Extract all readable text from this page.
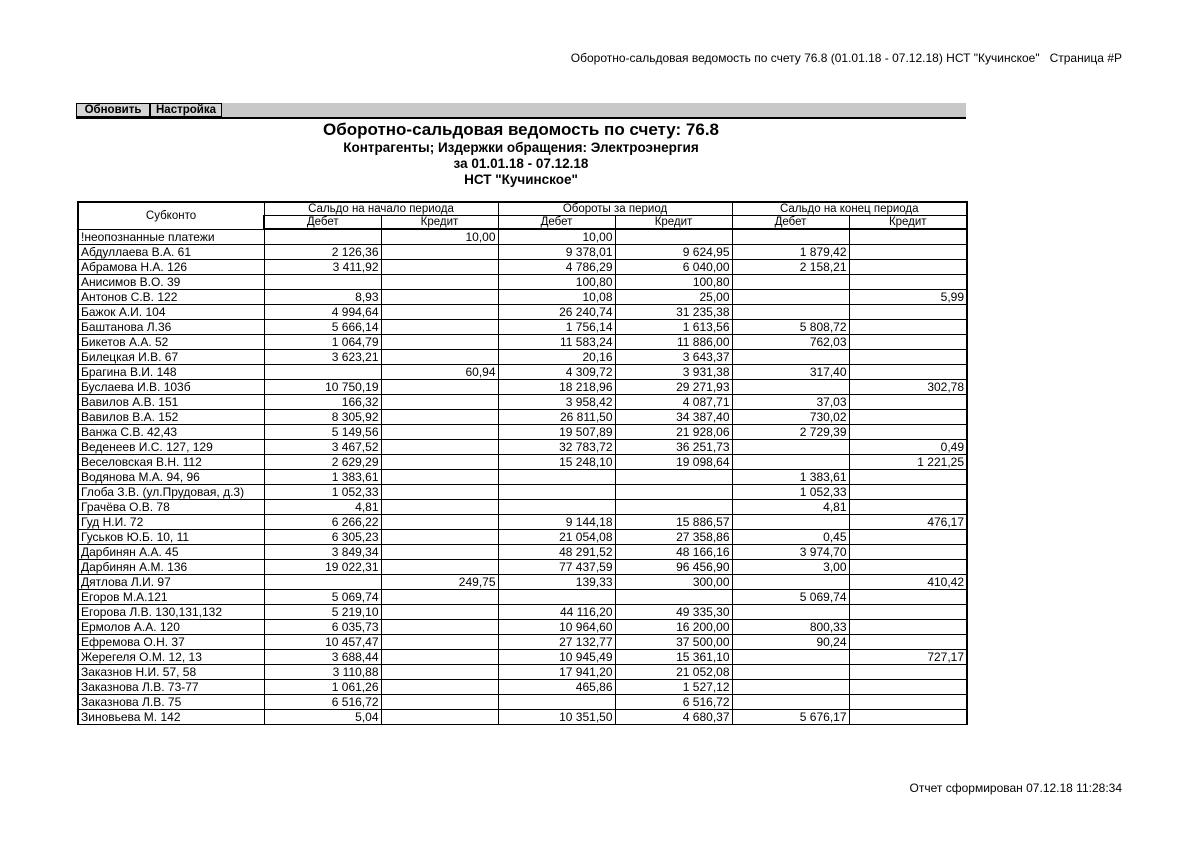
Оборотно-сальдовая ведомость по счету 76.8 (01.01.18 - 07.12.18) НСТ "Кучинское" Страница #P
Обновить	Настройка
Оборотно-сальдовая ведомость по счету: 76.8
Контрагенты; Издержки обращения: Электроэнергия
за 01.01.18 - 07.12.18
НСТ "Кучинское"
Субконто	Сальдо на начало периода		Обороты за период		Сальдо на конец периода	
	Дебет	Кредит	Дебет	Кредит	Дебет	Кредит
!неопознанные платежи		10,00	10,00			
Абдуллаева В.А. 61	2 126,36		9 378,01	9 624,95	1 879,42	
Абрамова Н.А. 126	3 411,92		4 786,29	6 040,00	2 158,21	
Анисимов В.О. 39			100,80	100,80		
Антонов С.В. 122	8,93		10,08	25,00		5,99
Бажок А.И. 104	4 994,64		26 240,74	31 235,38		
Баштанова Л.36	5 666,14		1 756,14	1 613,56	5 808,72	
Бикетов А.А. 52	1 064,79		11 583,24	11 886,00	762,03	
Билецкая И.В. 67	3 623,21		20,16	3 643,37		
Брагина В.И. 148		60,94	4 309,72	3 931,38	317,40	
Буслаева И.В. 103б	10 750,19		18 218,96	29 271,93		302,78
Вавилов А.В. 151	166,32		3 958,42	4 087,71	37,03	
Вавилов В.А. 152	8 305,92		26 811,50	34 387,40	730,02	
Ванжа С.В. 42,43	5 149,56		19 507,89	21 928,06	2 729,39	
Веденеев И.С. 127, 129	3 467,52		32 783,72	36 251,73		0,49
Веселовская В.Н. 112	2 629,29		15 248,10	19 098,64		1 221,25
Водянова М.А. 94, 96	1 383,61				1 383,61	
Глоба З.В. (ул.Прудовая, д.3)	1 052,33				1 052,33	
Грачёва О.В. 78	4,81				4,81	
Гуд Н.И. 72	6 266,22		9 144,18	15 886,57		476,17
Гуськов Ю.Б. 10, 11	6 305,23		21 054,08	27 358,86	0,45	
Дарбинян А.А. 45	3 849,34		48 291,52	48 166,16	3 974,70	
Дарбинян А.М. 136	19 022,31		77 437,59	96 456,90	3,00	
Дятлова Л.И. 97		249,75	139,33	300,00		410,42
Егоров М.А.121	5 069,74				5 069,74	
Егорова Л.В. 130,131,132	5 219,10		44 116,20	49 335,30		
Ермолов А.А. 120	6 035,73		10 964,60	16 200,00	800,33	
Ефремова О.Н. 37	10 457,47		27 132,77	37 500,00	90,24	
Жерегеля О.М. 12, 13	3 688,44		10 945,49	15 361,10		727,17
Заказнов Н.И. 57, 58	3 110,88		17 941,20	21 052,08		
Заказнова Л.В. 73-77	1 061,26		465,86	1 527,12		
Заказнова Л.В. 75	6 516,72			6 516,72		
Зиновьева М. 142	5,04		10 351,50	4 680,37	5 676,17	
Отчет сформирован 07.12.18 11:28:34
